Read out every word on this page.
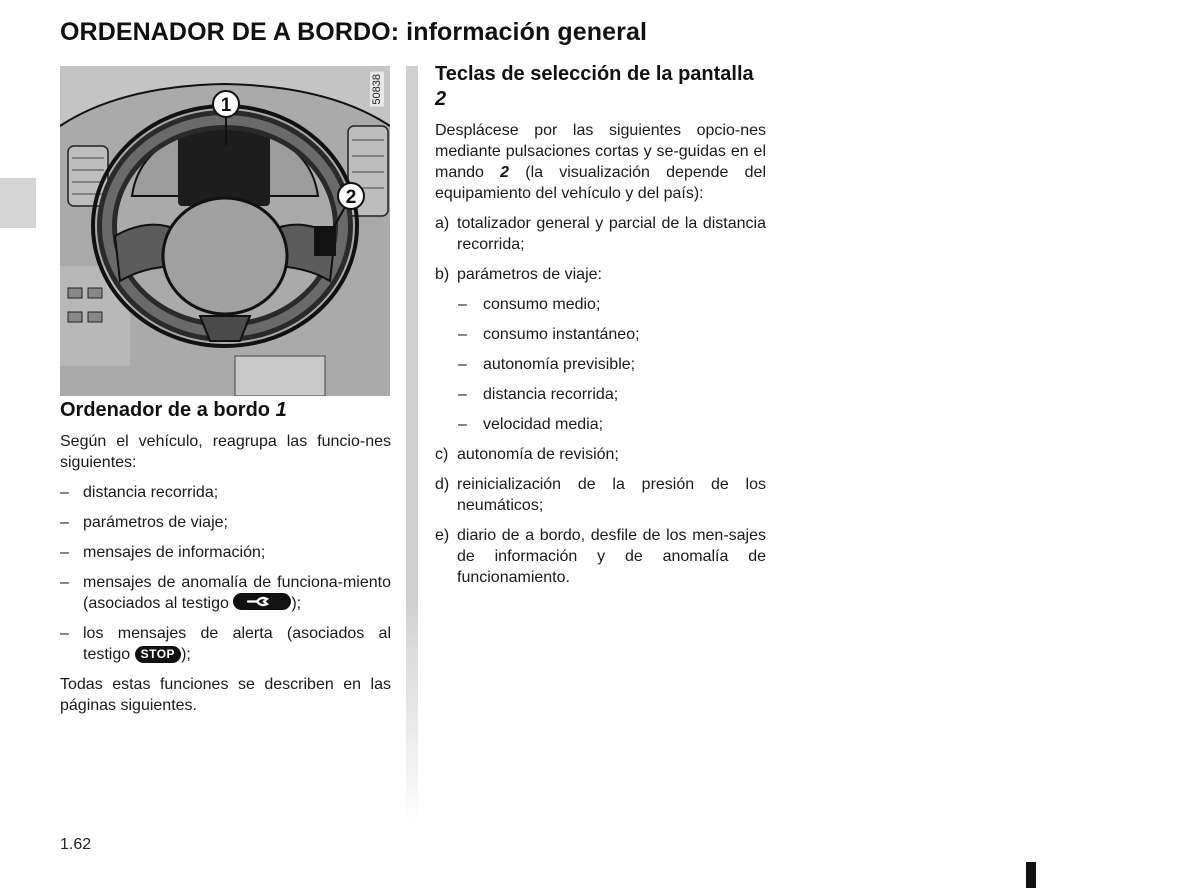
ORDENADOR DE A BORDO: información general
1
2
50838
Ordenador de a bordo 1

Según el vehículo, reagrupa las funcio-nes siguientes:

– distancia recorrida;
– parámetros de viaje;
– mensajes de información;
– mensajes de anomalía de funciona-miento (asociados al testigo	);
– los mensajes de alerta (asociados al testigo STOP );

Todas estas funciones se describen en las páginas siguientes.

Teclas de selección de la pantalla 2

Desplácese por las siguientes opcio-nes mediante pulsaciones cortas y se-guidas en el mando 2 (la visualización depende del equipamiento del vehículo y del país):

a) totalizador general y parcial de la distancia recorrida;
b) parámetros de viaje:
–	consumo medio;
–	consumo instantáneo;
–	autonomía previsible;
–	distancia recorrida;
–	velocidad media;
c) autonomía de revisión;
d) reinicialización de la presión de los neumáticos;
e) diario de a bordo, desfile de los men-sajes de información y de anomalía de funcionamiento.
1.62
